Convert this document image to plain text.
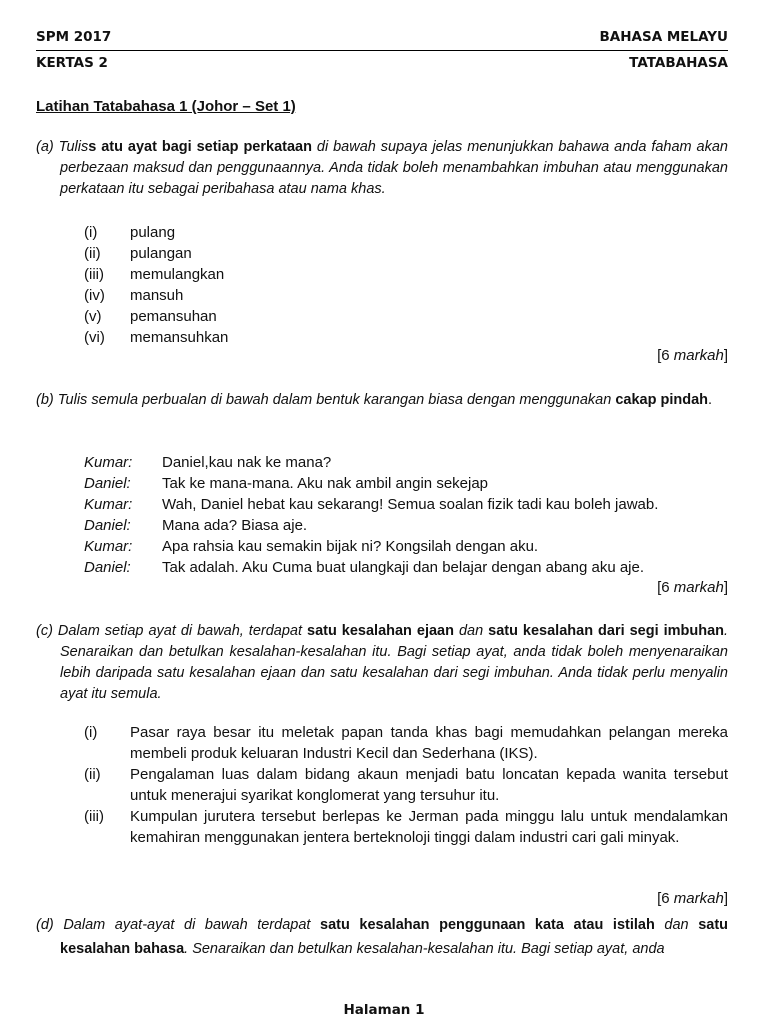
SPM 2017	BAHASA MELAYU
KERTAS 2	TATABAHASA
Latihan Tatabahasa 1 (Johor – Set 1)
(a) Tuliss atu ayat bagi setiap perkataan di bawah supaya jelas menunjukkan bahawa anda faham akan perbezaan maksud dan penggunaannya. Anda tidak boleh menambahkan imbuhan atau menggunakan perkataan itu sebagai peribahasa atau nama khas.
(i)	pulang
(ii)	pulangan
(iii)	memulangkan
(iv)	mansuh
(v)	pemansuhan
(vi)	memansuhkan
[6 markah]
(b) Tulis semula perbualan di bawah dalam bentuk karangan biasa dengan menggunakan cakap pindah.
Kumar:	Daniel,kau nak ke mana?
Daniel:	Tak ke mana-mana. Aku nak ambil angin sekejap
Kumar:	Wah, Daniel hebat kau sekarang! Semua soalan fizik tadi kau boleh jawab.
Daniel:	Mana ada? Biasa aje.
Kumar:	Apa rahsia kau semakin bijak ni? Kongsilah dengan aku.
Daniel:	Tak adalah. Aku Cuma buat ulangkaji dan belajar dengan abang aku aje.
[6 markah]
(c) Dalam setiap ayat di bawah, terdapat satu kesalahan ejaan dan satu kesalahan dari segi imbuhan. Senaraikan dan betulkan kesalahan-kesalahan itu. Bagi setiap ayat, anda tidak boleh menyenaraikan lebih daripada satu kesalahan ejaan dan satu kesalahan dari segi imbuhan. Anda tidak perlu menyalin ayat itu semula.
(i)	Pasar raya besar itu meletak papan tanda khas bagi memudahkan pelangan mereka membeli produk keluaran Industri Kecil dan Sederhana (IKS).
(ii)	Pengalaman luas dalam bidang akaun menjadi batu loncatan kepada wanita tersebut untuk menerajui syarikat konglomerat yang tersuhur itu.
(iii)	Kumpulan jurutera tersebut berlepas ke Jerman pada minggu lalu untuk mendalamkan kemahiran menggunakan jentera berteknoloji tinggi dalam industri cari gali minyak.
[6 markah]
(d) Dalam ayat-ayat di bawah terdapat satu kesalahan penggunaan kata atau istilah dan satu kesalahan bahasa. Senaraikan dan betulkan kesalahan-kesalahan itu. Bagi setiap ayat, anda
Halaman 1
